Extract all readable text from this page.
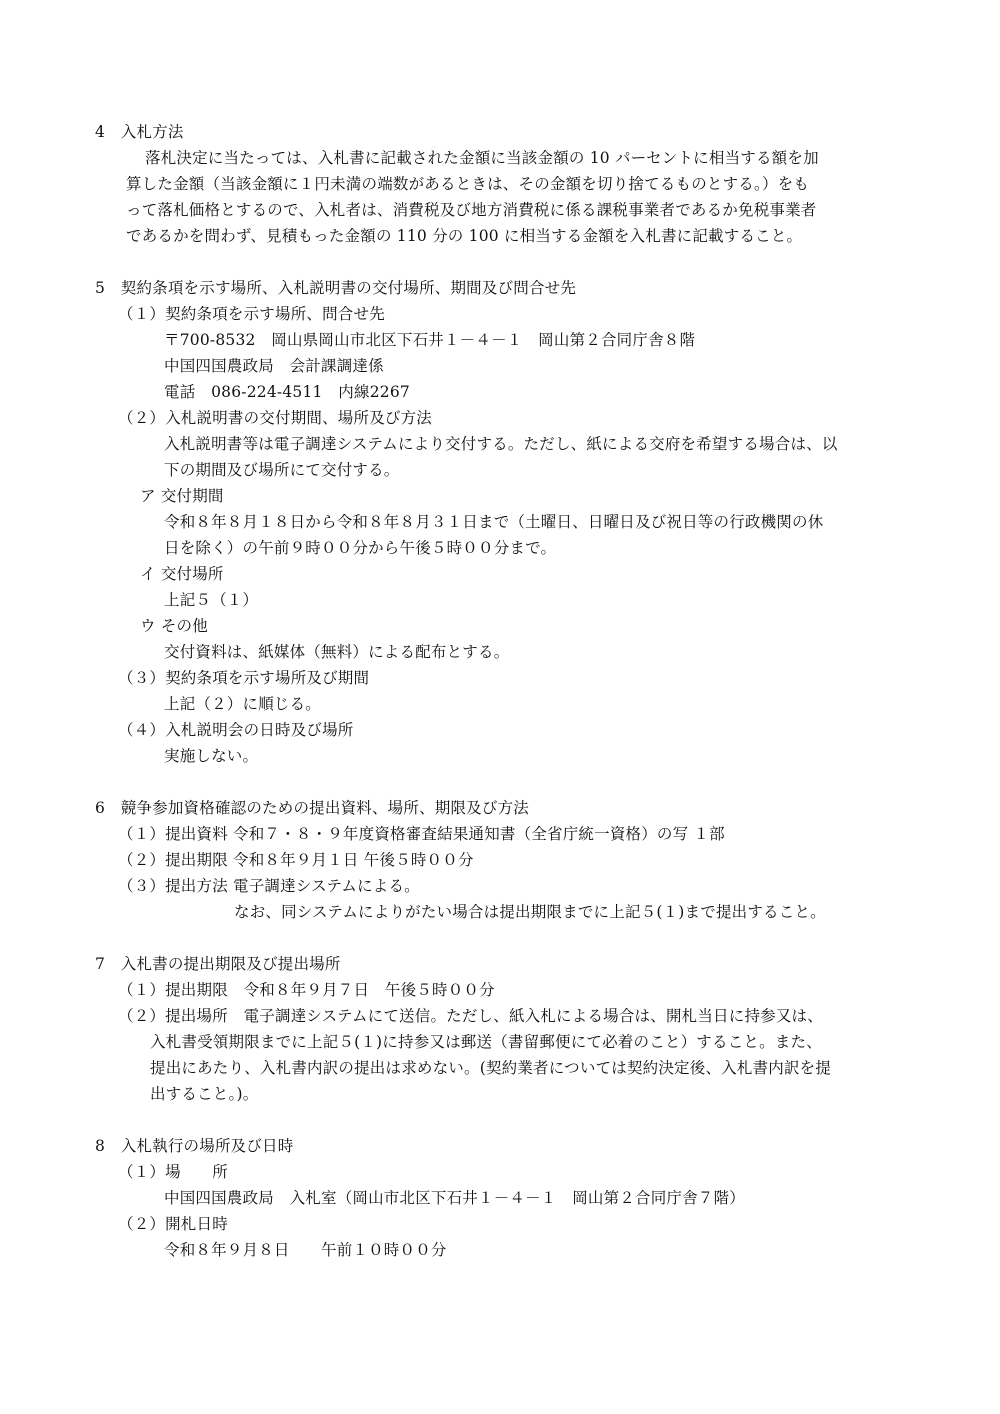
4　入札方法
落札決定に当たっては、入札書に記載された金額に当該金額の 10 パーセントに相当する額を加
算した金額（当該金額に１円未満の端数があるときは、その金額を切り捨てるものとする。）をも
って落札価格とするので、入札者は、消費税及び地方消費税に係る課税事業者であるか免税事業者
であるかを問わず、見積もった金額の 110 分の 100 に相当する金額を入札書に記載すること。
5　契約条項を示す場所、入札説明書の交付場所、期間及び問合せ先
（１）契約条項を示す場所、問合せ先
〒700-8532　岡山県岡山市北区下石井１－４－１　岡山第２合同庁舎８階
中国四国農政局　会計課調達係
電話　086-224-4511　内線2267
（２）入札説明書の交付期間、場所及び方法
入札説明書等は電子調達システムにより交付する。ただし、紙による交府を希望する場合は、以
下の期間及び場所にて交付する。
ア 交付期間
令和８年８月１８日から令和８年８月３１日まで（土曜日、日曜日及び祝日等の行政機関の休
日を除く）の午前９時００分から午後５時００分まで。
イ 交付場所
上記５（１）
ウ その他
交付資料は、紙媒体（無料）による配布とする。
（３）契約条項を示す場所及び期間
上記（２）に順じる。
（４）入札説明会の日時及び場所
実施しない。
6　競争参加資格確認のための提出資料、場所、期限及び方法
（１）提出資料 令和７・８・９年度資格審査結果通知書（全省庁統一資格）の写 １部
（２）提出期限 令和８年９月１日 午後５時００分
（３）提出方法 電子調達システムによる。
なお、同システムによりがたい場合は提出期限までに上記５(１)まで提出すること。
7　入札書の提出期限及び提出場所
（１）提出期限　令和８年９月７日　午後５時００分
（２）提出場所　電子調達システムにて送信。ただし、紙入札による場合は、開札当日に持参又は、
入札書受領期限までに上記５(１)に持参又は郵送（書留郵便にて必着のこと）すること。また、
提出にあたり、入札書内訳の提出は求めない。(契約業者については契約決定後、入札書内訳を提
出すること。)。
8　入札執行の場所及び日時
（１）場　　所
中国四国農政局　入札室（岡山市北区下石井１－４－１　岡山第２合同庁舎７階）
（２）開札日時
令和８年９月８日　　午前１０時００分
